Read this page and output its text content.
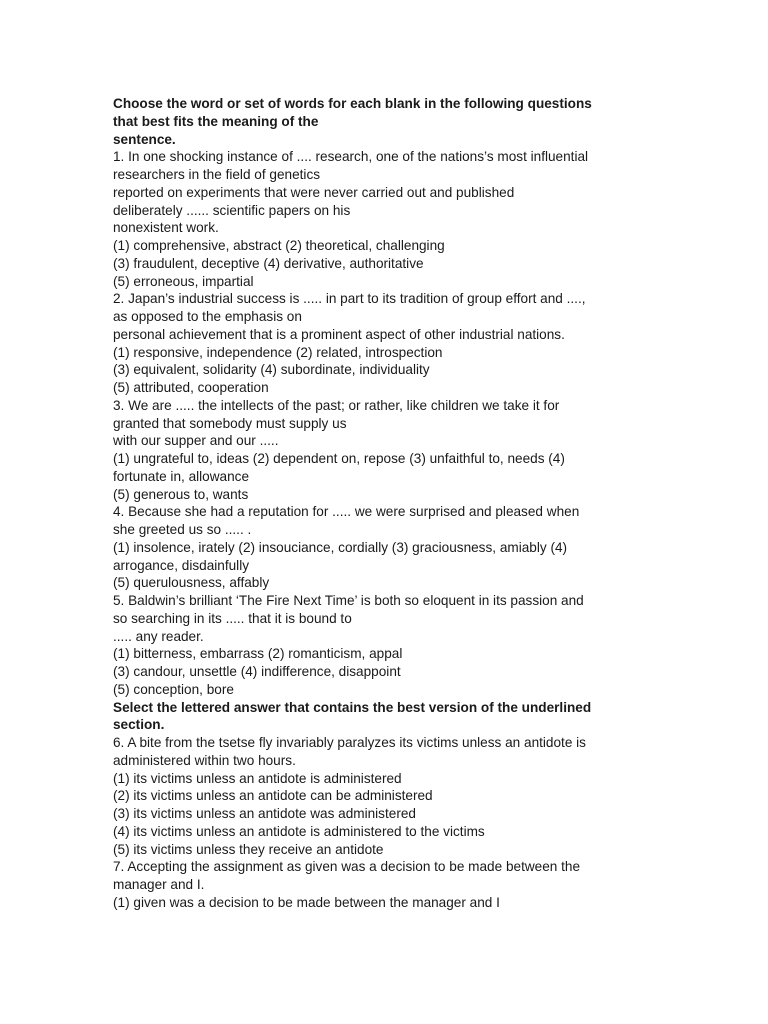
Choose the word or set of words for each blank in the following questions
that best fits the meaning of the
sentence.
1. In one shocking instance of .... research, one of the nations’s most influential
researchers in the field of genetics
reported on experiments that were never carried out and published
deliberately ...... scientific papers on his
nonexistent work.
(1) comprehensive, abstract (2) theoretical, challenging
(3) fraudulent, deceptive (4) derivative, authoritative
(5) erroneous, impartial
2. Japan’s industrial success is ..... in part to its tradition of group effort and ....,
as opposed to the emphasis on
personal achievement that is a prominent aspect of other industrial nations.
(1) responsive, independence (2) related, introspection
(3) equivalent, solidarity (4) subordinate, individuality
(5) attributed, cooperation
3. We are ..... the intellects of the past; or rather, like children we take it for
granted that somebody must supply us
with our supper and our .....
(1) ungrateful to, ideas (2) dependent on, repose (3) unfaithful to, needs (4)
fortunate in, allowance
(5) generous to, wants
4. Because she had a reputation for ..... we were surprised and pleased when
she greeted us so ..... .
(1) insolence, irately (2) insouciance, cordially (3) graciousness, amiably (4)
arrogance, disdainfully
(5) querulousness, affably
5. Baldwin’s brilliant ‘The Fire Next Time’ is both so eloquent in its passion and
so searching in its ..... that it is bound to
..... any reader.
(1) bitterness, embarrass (2) romanticism, appal
(3) candour, unsettle (4) indifference, disappoint
(5) conception, bore
Select the lettered answer that contains the best version of the underlined
section.
6. A bite from the tsetse fly invariably paralyzes its victims unless an antidote is
administered within two hours.
(1) its victims unless an antidote is administered
(2) its victims unless an antidote can be administered
(3) its victims unless an antidote was administered
(4) its victims unless an antidote is administered to the victims
(5) its victims unless they receive an antidote
7. Accepting the assignment as given was a decision to be made between the
manager and I.
(1) given was a decision to be made between the manager and I
